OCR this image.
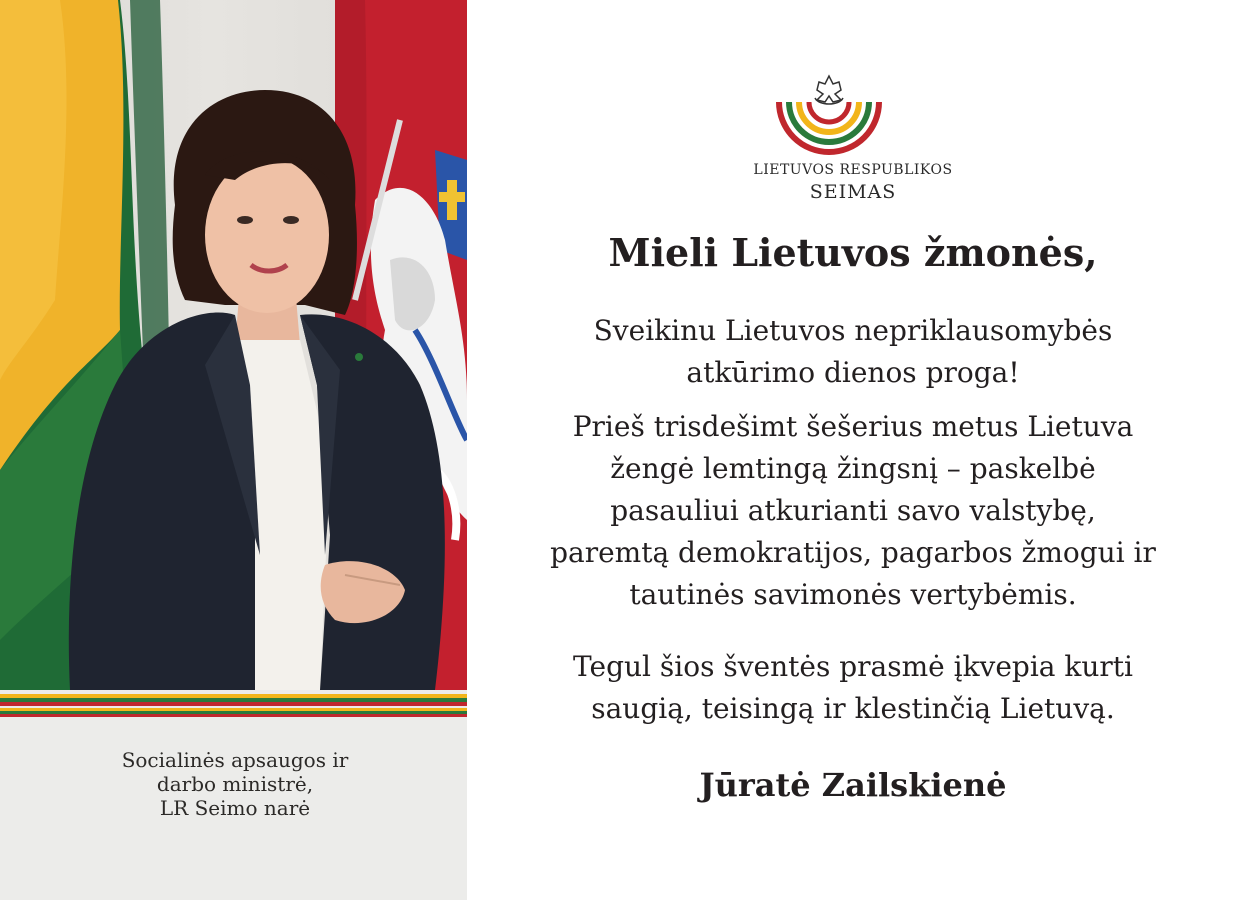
Socialinės apsaugos ir
darbo ministrė,
LR Seimo narė
LIETUVOS RESPUBLIKOS
SEIMAS
Mieli Lietuvos žmonės,
Sveikinu Lietuvos nepriklausomybės
atkūrimo dienos proga!
Prieš trisdešimt šešerius metus Lietuva
žengė lemtingą žingsnį – paskelbė
pasauliui atkurianti savo valstybę,
paremtą demokratijos, pagarbos žmogui ir
tautinės savimonės vertybėmis.
Tegul šios šventės prasmė įkvepia kurti
saugią, teisingą ir klestinčią Lietuvą.
Jūratė Zailskienė
